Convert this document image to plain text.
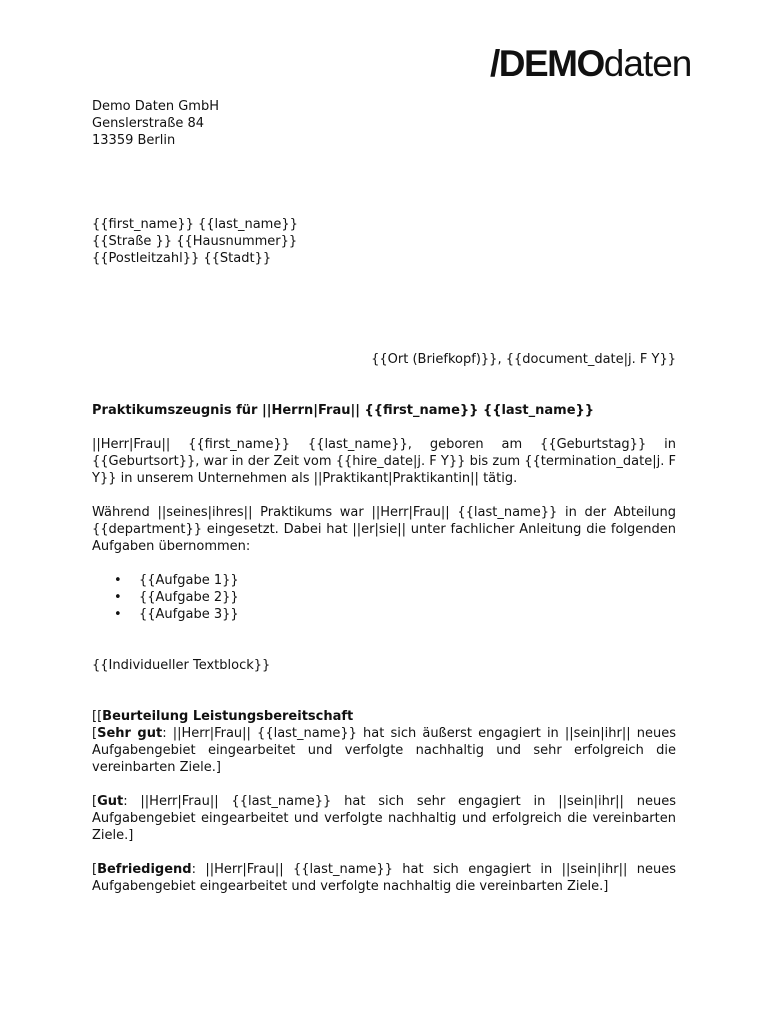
/DEMOdaten
Demo Daten GmbH
Genslerstraße 84
13359 Berlin
{{first_name}} {{last_name}}
{{Straße }} {{Hausnummer}}
{{Postleitzahl}} {{Stadt}}
{{Ort (Briefkopf)}}, {{document_date|j. F Y}}
Praktikumszeugnis für ||Herrn|Frau|| {{first_name}} {{last_name}}

||Herr|Frau|| {{first_name}} {{last_name}}, geboren am {{Geburtstag}} in {{Geburtsort}}, war in der Zeit vom {{hire_date|j. F Y}} bis zum {{termination_date|j. F Y}} in unserem Unternehmen als ||Praktikant|Praktikantin|| tätig.

Während ||seines|ihres|| Praktikums war ||Herr|Frau|| {{last_name}} in der Abteilung {{department}} eingesetzt. Dabei hat ||er|sie|| unter fachlicher Anleitung die folgenden Aufgaben übernommen:

• {{Aufgabe 1}}
• {{Aufgabe 2}}
• {{Aufgabe 3}}
{{Individueller Textblock}}
[[Beurteilung Leistungsbereitschaft

[Sehr gut: ||Herr|Frau|| {{last_name}} hat sich äußerst engagiert in ||sein|ihr|| neues Aufgabengebiet eingearbeitet und verfolgte nachhaltig und sehr erfolgreich die vereinbarten Ziele.]

[Gut: ||Herr|Frau|| {{last_name}} hat sich sehr engagiert in ||sein|ihr|| neues Aufgabengebiet eingearbeitet und verfolgte nachhaltig und erfolgreich die vereinbarten Ziele.]

[Befriedigend: ||Herr|Frau|| {{last_name}} hat sich engagiert in ||sein|ihr|| neues Aufgabengebiet eingearbeitet und verfolgte nachhaltig die vereinbarten Ziele.]
